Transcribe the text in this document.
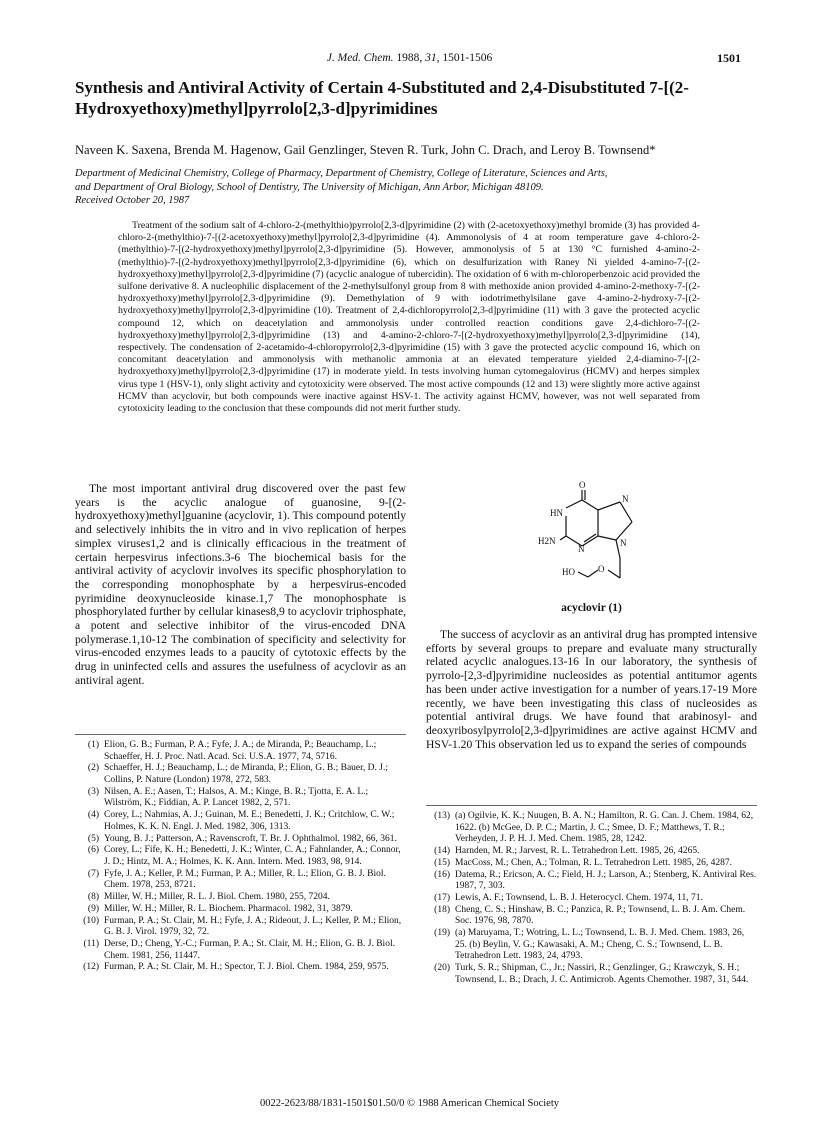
J. Med. Chem. 1988, 31, 1501-1506	1501
Synthesis and Antiviral Activity of Certain 4-Substituted and 2,4-Disubstituted 7-[(2-Hydroxyethoxy)methyl]pyrrolo[2,3-d]pyrimidines
Naveen K. Saxena, Brenda M. Hagenow, Gail Genzlinger, Steven R. Turk, John C. Drach, and Leroy B. Townsend*
Department of Medicinal Chemistry, College of Pharmacy, Department of Chemistry, College of Literature, Sciences and Arts,
and Department of Oral Biology, School of Dentistry, The University of Michigan, Ann Arbor, Michigan 48109.
Received October 20, 1987

Treatment of the sodium salt of 4-chloro-2-(methylthio)pyrrolo[2,3-d]pyrimidine (2) with (2-acetoxyethoxy)methyl bromide (3) has provided 4-chloro-2-(methylthio)-7-[(2-acetoxyethoxy)methyl]pyrrolo[2,3-d]pyrimidine (4). Ammonolysis of 4 at room temperature gave 4-chloro-2-(methylthio)-7-[(2-hydroxyethoxy)methyl]pyrrolo[2,3-d]pyrimidine (5). However, ammonolysis of 5 at 130 °C furnished 4-amino-2-(methylthio)-7-[(2-hydroxyethoxy)methyl]pyrrolo[2,3-d]pyrimidine (6), which on desulfurization with Raney Ni yielded 4-amino-7-[(2-hydroxyethoxy)methyl]pyrrolo[2,3-d]pyrimidine (7) (acyclic analogue of tubercidin). The oxidation of 6 with m-chloroperbenzoic acid provided the sulfone derivative 8. A nucleophilic displacement of the 2-methylsulfonyl group from 8 with methoxide anion provided 4-amino-2-methoxy-7-[(2-hydroxyethoxy)methyl]pyrrolo[2,3-d]pyrimidine (9). Demethylation of 9 with iodotrimethylsilane gave 4-amino-2-hydroxy-7-[(2-hydroxyethoxy)methyl]pyrrolo[2,3-d]pyrimidine (10). Treatment of 2,4-dichloropyrrolo[2,3-d]pyrimidine (11) with 3 gave the protected acyclic compound 12, which on deacetylation and ammonolysis under controlled reaction conditions gave 2,4-dichloro-7-[(2-hydroxyethoxy)methyl]pyrrolo[2,3-d]pyrimidine (13) and 4-amino-2-chloro-7-[(2-hydroxyethoxy)methyl]pyrrolo[2,3-d]pyrimidine (14), respectively. The condensation of 2-acetamido-4-chloropyrrolo[2,3-d]pyrimidine (15) with 3 gave the protected acyclic compound 16, which on concomitant deacetylation and ammonolysis with methanolic ammonia at an elevated temperature yielded 2,4-diamino-7-[(2-hydroxyethoxy)methyl]pyrrolo[2,3-d]pyrimidine (17) in moderate yield. In tests involving human cytomegalovirus (HCMV) and herpes simplex virus type 1 (HSV-1), only slight activity and cytotoxicity were observed. The most active compounds (12 and 13) were slightly more active against HCMV than acyclovir, but both compounds were inactive against HSV-1. The activity against HCMV, however, was not well separated from cytotoxicity leading to the conclusion that these compounds did not merit further study.

The most important antiviral drug discovered over the past few years is the acyclic analogue of guanosine, 9-[(2-hydroxyethoxy)methyl]guanine (acyclovir, 1). This compound potently and selectively inhibits the in vitro and in vivo replication of herpes simplex viruses1,2 and is clinically efficacious in the treatment of certain herpesvirus infections.3-6 The biochemical basis for the antiviral activity of acyclovir involves its specific phosphorylation to the corresponding monophosphate by a herpesvirus-encoded pyrimidine deoxynucleoside kinase.1,7 The monophosphate is phosphorylated further by cellular kinases8,9 to acyclovir triphosphate, a potent and selective inhibitor of the virus-encoded DNA polymerase.1,10-12 The combination of specificity and selectivity for virus-encoded enzymes leads to a paucity of cytotoxic effects by the drug in uninfected cells and assures the usefulness of acyclovir as an antiviral agent.

O
HN
N
H2N
N
N
HO	O
acyclovir (1)

The success of acyclovir as an antiviral drug has prompted intensive efforts by several groups to prepare and evaluate many structurally related acyclic analogues.13-16 In our laboratory, the synthesis of pyrrolo-[2,3-d]pyrimidine nucleosides as potential antitumor agents has been under active investigation for a number of years.17-19 More recently, we have been investigating this class of nucleosides as potential antiviral drugs. We have found that arabinosyl- and deoxyribosylpyrrolo[2,3-d]pyrimidines are active against HCMV and HSV-1.20 This observation led us to expand the series of compounds

(1) Elion, G. B.; Furman, P. A.; Fyfe, J. A.; de Miranda, P.; Beauchamp, L.; Schaeffer, H. J. Proc. Natl. Acad. Sci. U.S.A. 1977, 74, 5716.
(2) Schaeffer, H. J.; Beauchamp, L.; de Miranda, P.; Elion, G. B.; Bauer, D. J.; Collins, P. Nature (London) 1978, 272, 583.
(3) Nilsen, A. E.; Aasen, T.; Halsos, A. M.; Kinge, B. R.; Tjotta, E. A. L.; Wilström, K.; Fiddian, A. P. Lancet 1982, 2, 571.
(4) Corey, L.; Nahmias, A. J.; Guinan, M. E.; Benedetti, J. K.; Critchlow, C. W.; Holmes, K. K. N. Engl. J. Med. 1982, 306, 1313.
(5) Young, B. J.; Patterson, A.; Ravenscroft, T. Br. J. Ophthalmol. 1982, 66, 361.
(6) Corey, L.; Fife, K. H.; Benedetti, J. K.; Winter, C. A.; Fahnlander, A.; Connor, J. D.; Hintz, M. A.; Holmes, K. K. Ann. Intern. Med. 1983, 98, 914.
(7) Fyfe, J. A.; Keller, P. M.; Furman, P. A.; Miller, R. L.; Elion, G. B. J. Biol. Chem. 1978, 253, 8721.
(8) Miller, W. H.; Miller, R. L. J. Biol. Chem. 1980, 255, 7204.
(9) Miller, W. H.; Miller, R. L. Biochem. Pharmacol. 1982, 31, 3879.
(10) Furman, P. A.; St. Clair, M. H.; Fyfe, J. A.; Rideout, J. L.; Keller, P. M.; Elion, G. B. J. Virol. 1979, 32, 72.
(11) Derse, D.; Cheng, Y.-C.; Furman, P. A.; St. Clair, M. H.; Elion, G. B. J. Biol. Chem. 1981, 256, 11447.
(12) Furman, P. A.; St. Clair, M. H.; Spector, T. J. Biol. Chem. 1984, 259, 9575.
(13) (a) Ogilvie, K. K.; Nuugen, B. A. N.; Hamilton, R. G. Can. J. Chem. 1984, 62, 1622. (b) McGee, D. P. C.; Martin, J. C.; Smee, D. F.; Matthews, T. R.; Verheyden, J. P. H. J. Med. Chem. 1985, 28, 1242.
(14) Harnden, M. R.; Jarvest, R. L. Tetrahedron Lett. 1985, 26, 4265.
(15) MacCoss, M.; Chen, A.; Tolman, R. L. Tetrahedron Lett. 1985, 26, 4287.
(16) Datema, R.; Ericson, A. C.; Field, H. J.; Larson, A.; Stenberg, K. Antiviral Res. 1987, 7, 303.
(17) Lewis, A. F.; Townsend, L. B. J. Heterocycl. Chem. 1974, 11, 71.
(18) Cheng, C. S.; Hinshaw, B. C.; Panzica, R. P.; Townsend, L. B. J. Am. Chem. Soc. 1976, 98, 7870.
(19) (a) Maruyama, T.; Wotring, L. L.; Townsend, L. B. J. Med. Chem. 1983, 26, 25. (b) Beylin, V. G.; Kawasaki, A. M.; Cheng, C. S.; Townsend, L. B. Tetrahedron Lett. 1983, 24, 4793.
(20) Turk, S. R.; Shipman, C., Jr.; Nassiri, R.; Genzlinger, G.; Krawczyk, S. H.; Townsend, L. B.; Drach, J. C. Antimicrob. Agents Chemother. 1987, 31, 544.
0022-2623/88/1831-1501$01.50/0 © 1988 American Chemical Society
